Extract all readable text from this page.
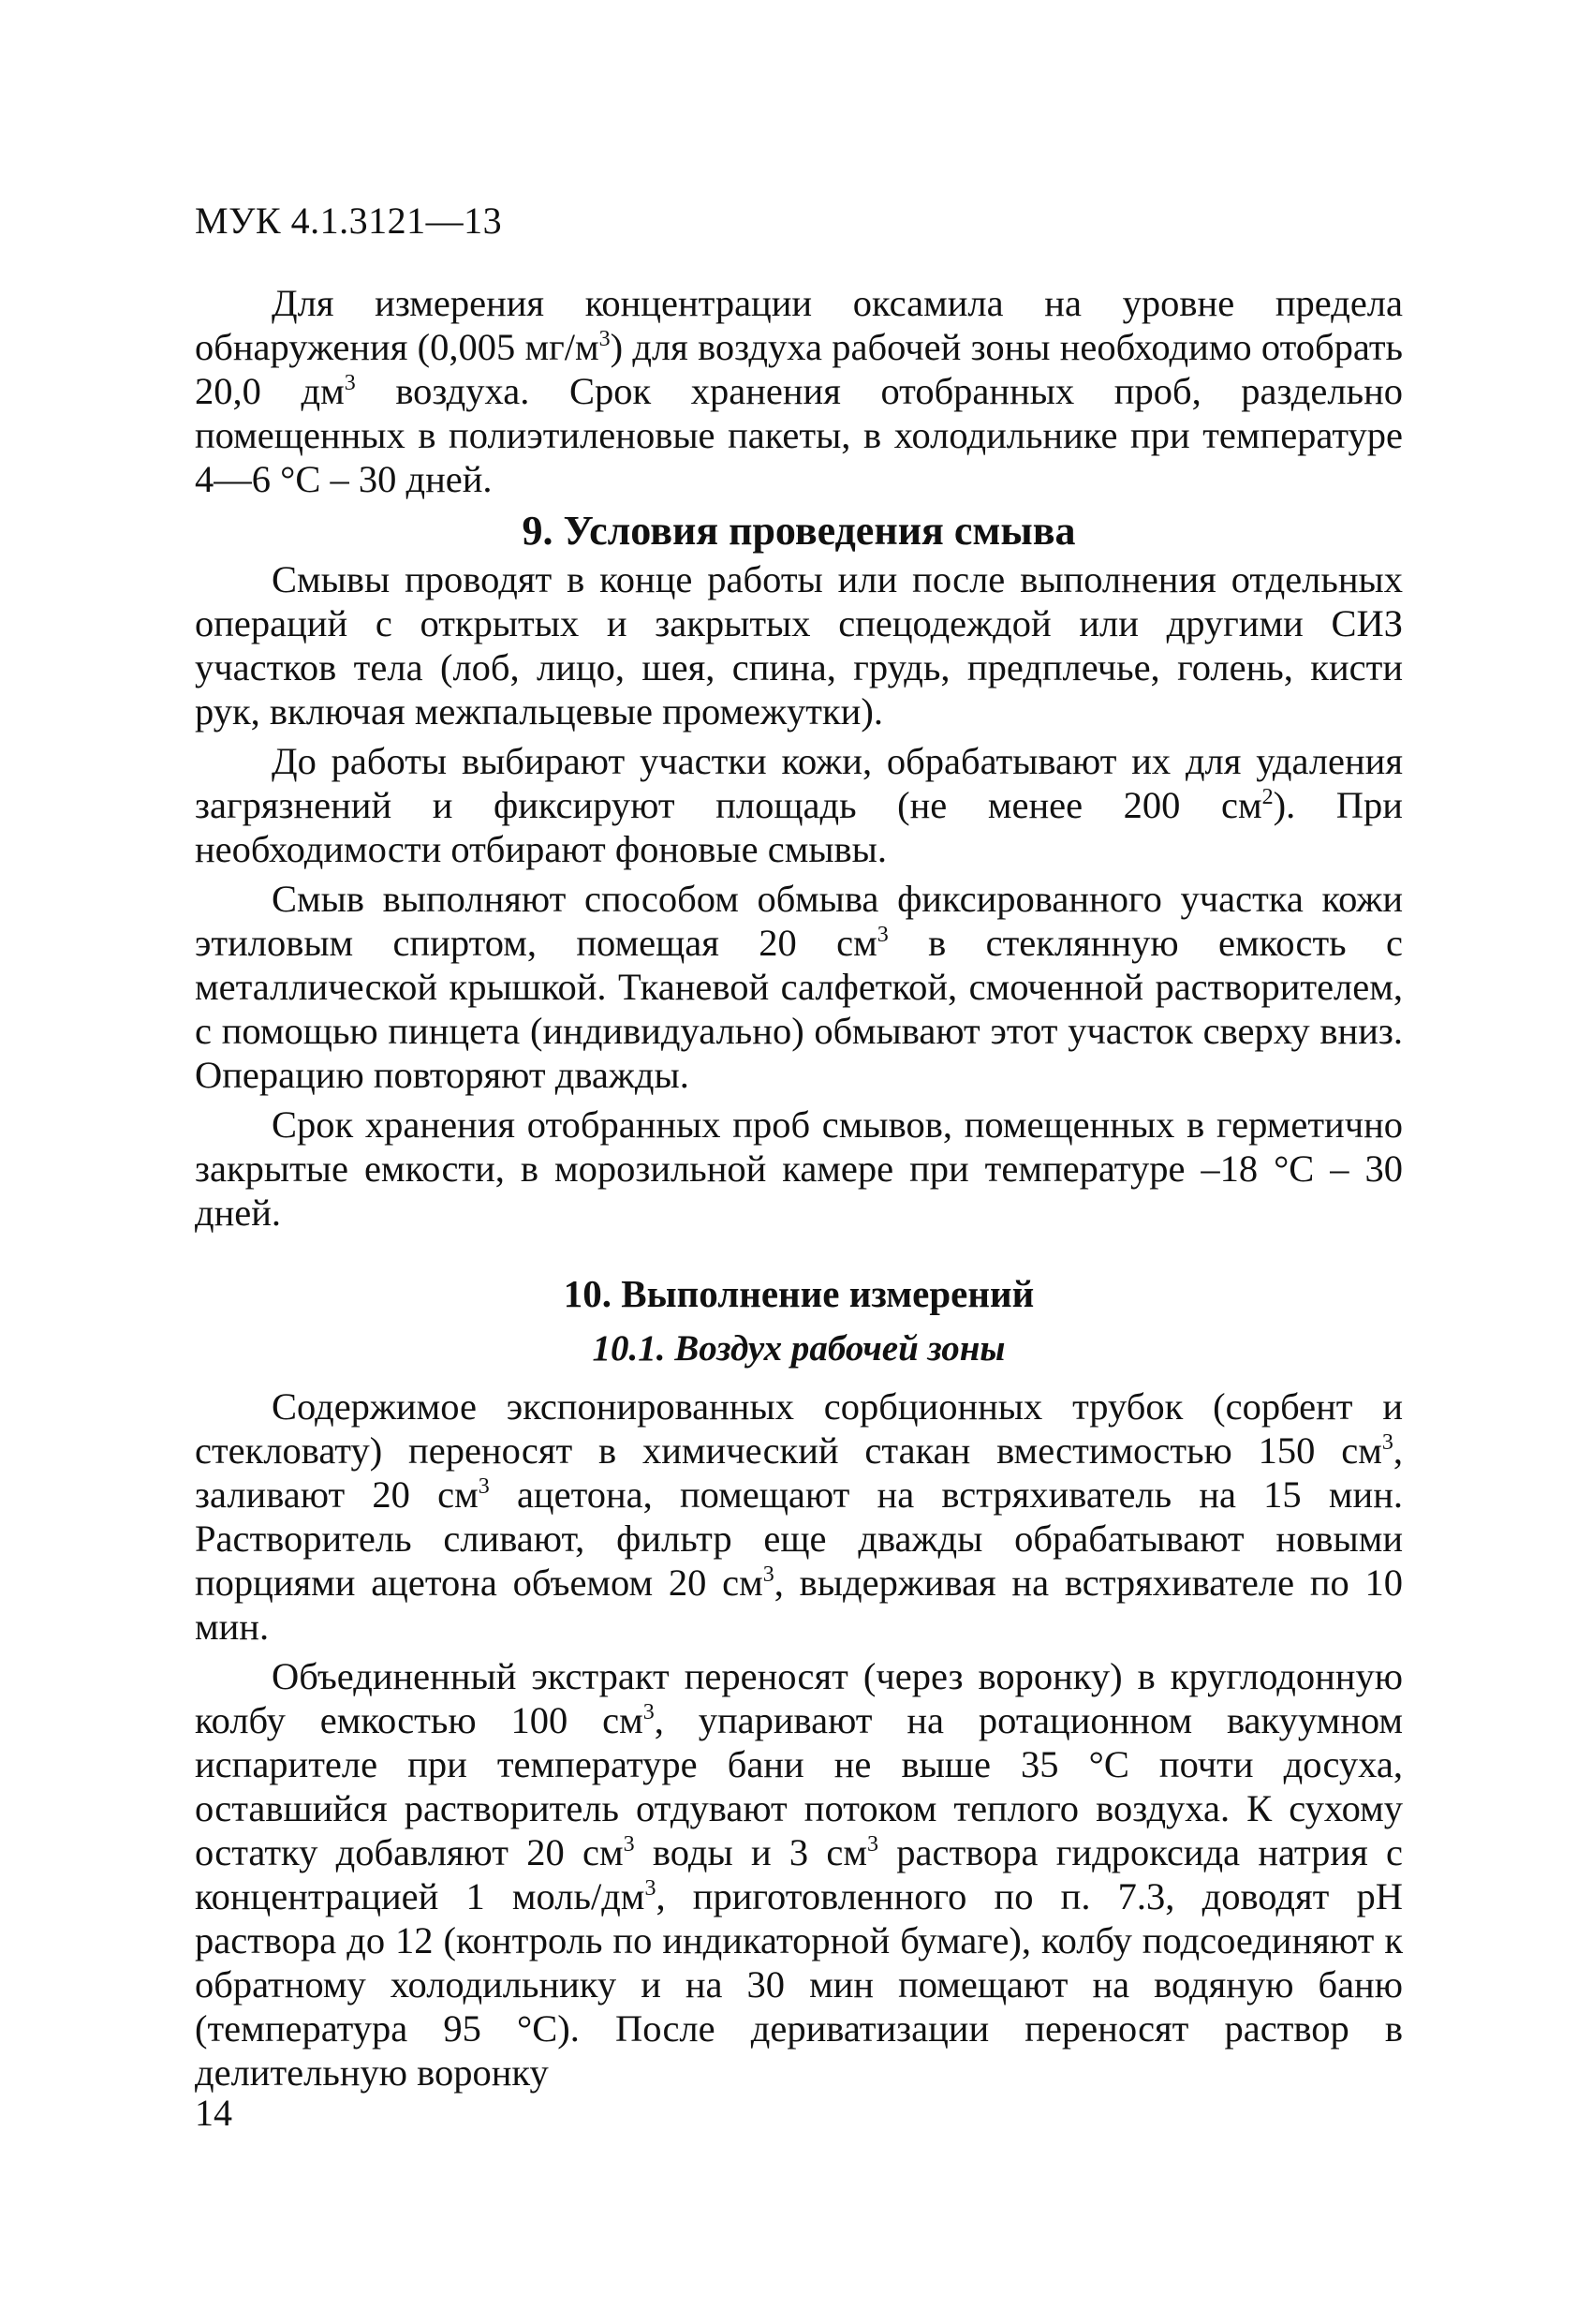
МУК 4.1.3121—13

Для измерения концентрации оксамила на уровне предела обнаружения (0,005 $мг/м^3$) для воздуха рабочей зоны необходимо отобрать 20,0 $дм^3$ воздуха. Срок хранения отобранных проб, раздельно помещенных в полиэтиленовые пакеты, в холодильнике при температуре 4—6 °С – 30 дней.

9. Условия проведения смыва

Смывы проводят в конце работы или после выполнения отдельных операций с открытых и закрытых спецодеждой или другими СИЗ участков тела (лоб, лицо, шея, спина, грудь, предплечье, голень, кисти рук, включая межпальцевые промежутки).

До работы выбирают участки кожи, обрабатывают их для удаления загрязнений и фиксируют площадь (не менее 200 $см^2$). При необходимости отбирают фоновые смывы.

Смыв выполняют способом обмыва фиксированного участка кожи этиловым спиртом, помещая 20 $см^3$ в стеклянную емкость с металлической крышкой. Тканевой салфеткой, смоченной растворителем, с помощью пинцета (индивидуально) обмывают этот участок сверху вниз. Операцию повторяют дважды.

Срок хранения отобранных проб смывов, помещенных в герметично закрытые емкости, в морозильной камере при температуре –18 °С – 30 дней.

10. Выполнение измерений
10.1. Воздух рабочей зоны

Содержимое экспонированных сорбционных трубок (сорбент и стекловату) переносят в химический стакан вместимостью 150 $см^3$, заливают 20 $см^3$ ацетона, помещают на встряхиватель на 15 мин. Растворитель сливают, фильтр еще дважды обрабатывают новыми порциями ацетона объемом 20 $см^3$, выдерживая на встряхивателе по 10 мин.

Объединенный экстракт переносят (через воронку) в круглодонную колбу емкостью 100 $см^3$, упаривают на ротационном вакуумном испарителе при температуре бани не выше 35 °С почти досуха, оставшийся растворитель отдувают потоком теплого воздуха. К сухому остатку добавляют 20 $см^3$ воды и 3 $см^3$ раствора гидроксида натрия с концентрацией 1 моль/$дм^3$, приготовленного по п. 7.3, доводят pH раствора до 12 (контроль по индикаторной бумаге), колбу подсоединяют к обратному холодильнику и на 30 мин помещают на водяную баню (температура 95 °С). После дериватизации переносят раствор в делительную воронку

14
